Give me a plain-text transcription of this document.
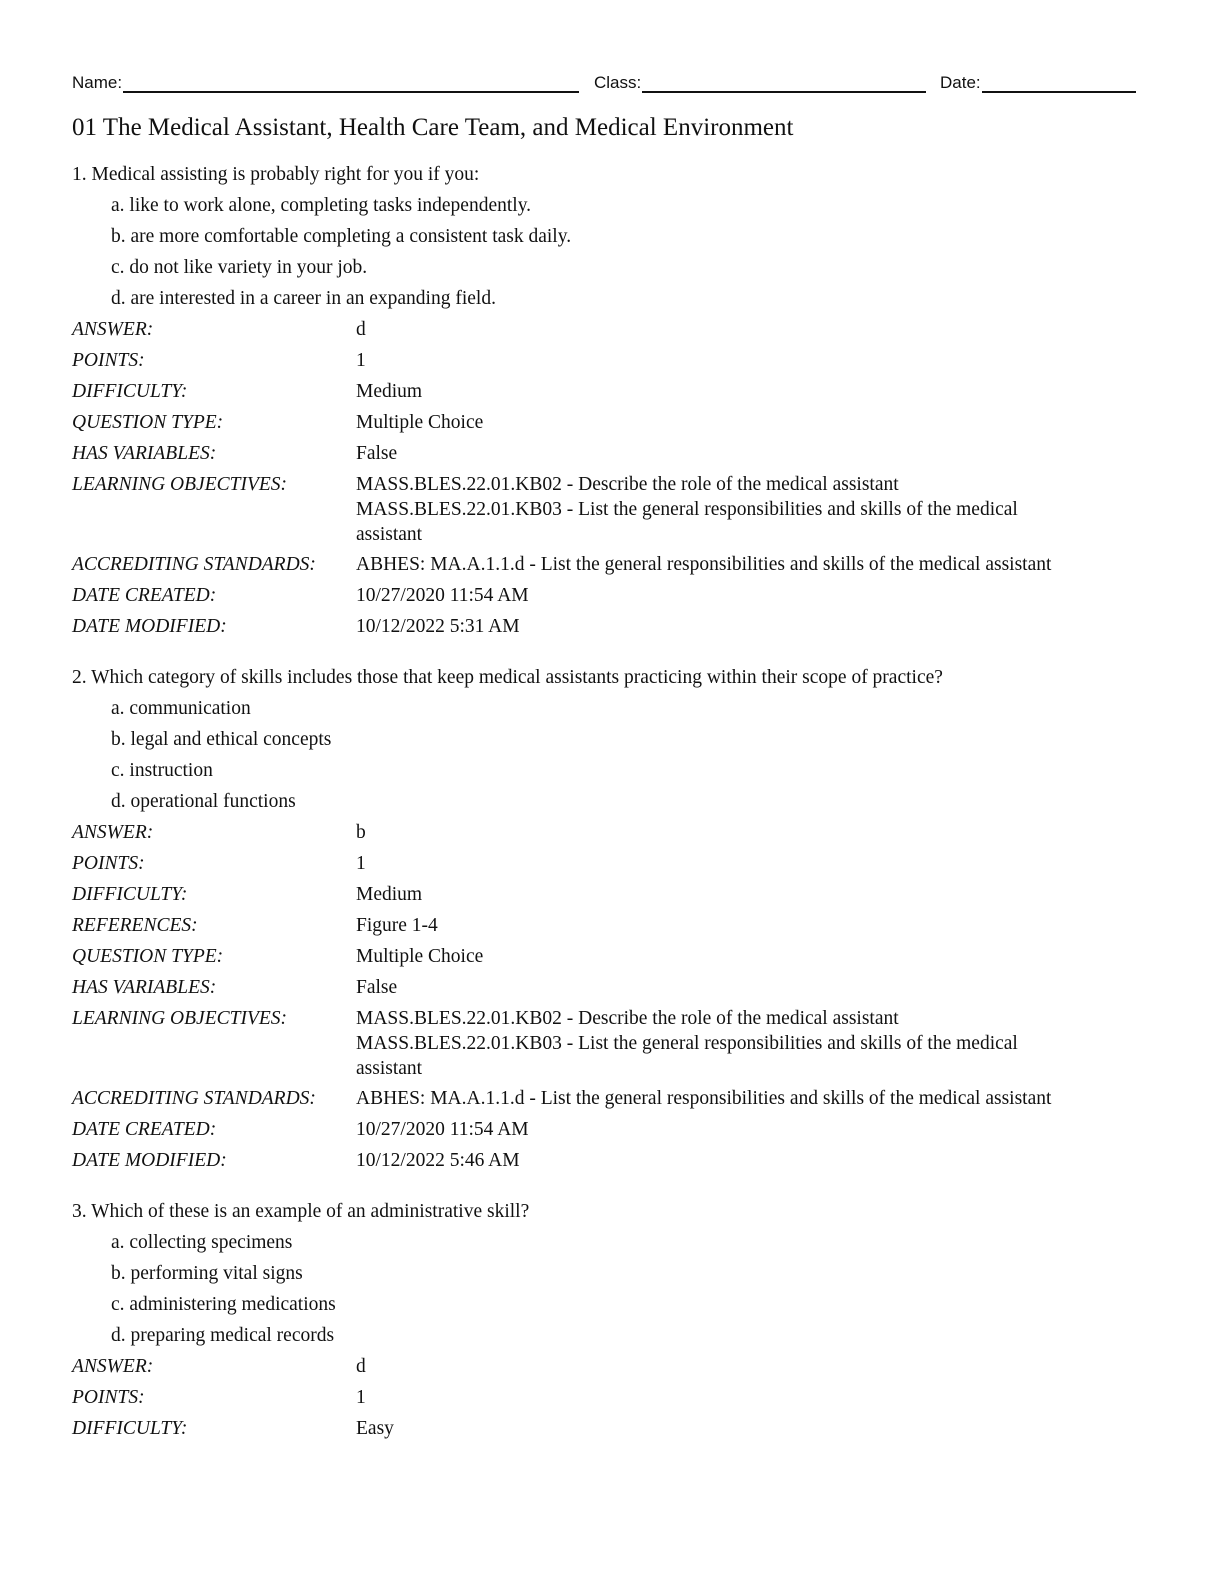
Name:	Class:	Date:
01 The Medical Assistant, Health Care Team, and Medical Environment
1. Medical assisting is probably right for you if you:
a. like to work alone, completing tasks independently.
b. are more comfortable completing a consistent task daily.
c. do not like variety in your job.
d. are interested in a career in an expanding field.
ANSWER:	d
POINTS:	1
DIFFICULTY:	Medium
QUESTION TYPE:	Multiple Choice
HAS VARIABLES:	False
LEARNING OBJECTIVES:	MASS.BLES.22.01.KB02 - Describe the role of the medical assistant
MASS.BLES.22.01.KB03 - List the general responsibilities and skills of the medical
assistant
ACCREDITING STANDARDS:	ABHES: MA.A.1.1.d - List the general responsibilities and skills of the medical assistant
DATE CREATED:	10/27/2020 11:54 AM
DATE MODIFIED:	10/12/2022 5:31 AM
2. Which category of skills includes those that keep medical assistants practicing within their scope of practice?
a. communication
b. legal and ethical concepts
c. instruction
d. operational functions
ANSWER:	b
POINTS:	1
DIFFICULTY:	Medium
REFERENCES:	Figure 1-4
QUESTION TYPE:	Multiple Choice
HAS VARIABLES:	False
LEARNING OBJECTIVES:	MASS.BLES.22.01.KB02 - Describe the role of the medical assistant
MASS.BLES.22.01.KB03 - List the general responsibilities and skills of the medical
assistant
ACCREDITING STANDARDS:	ABHES: MA.A.1.1.d - List the general responsibilities and skills of the medical assistant
DATE CREATED:	10/27/2020 11:54 AM
DATE MODIFIED:	10/12/2022 5:46 AM
3. Which of these is an example of an administrative skill?
a. collecting specimens
b. performing vital signs
c. administering medications
d. preparing medical records
ANSWER:	d
POINTS:	1
DIFFICULTY:	Easy
